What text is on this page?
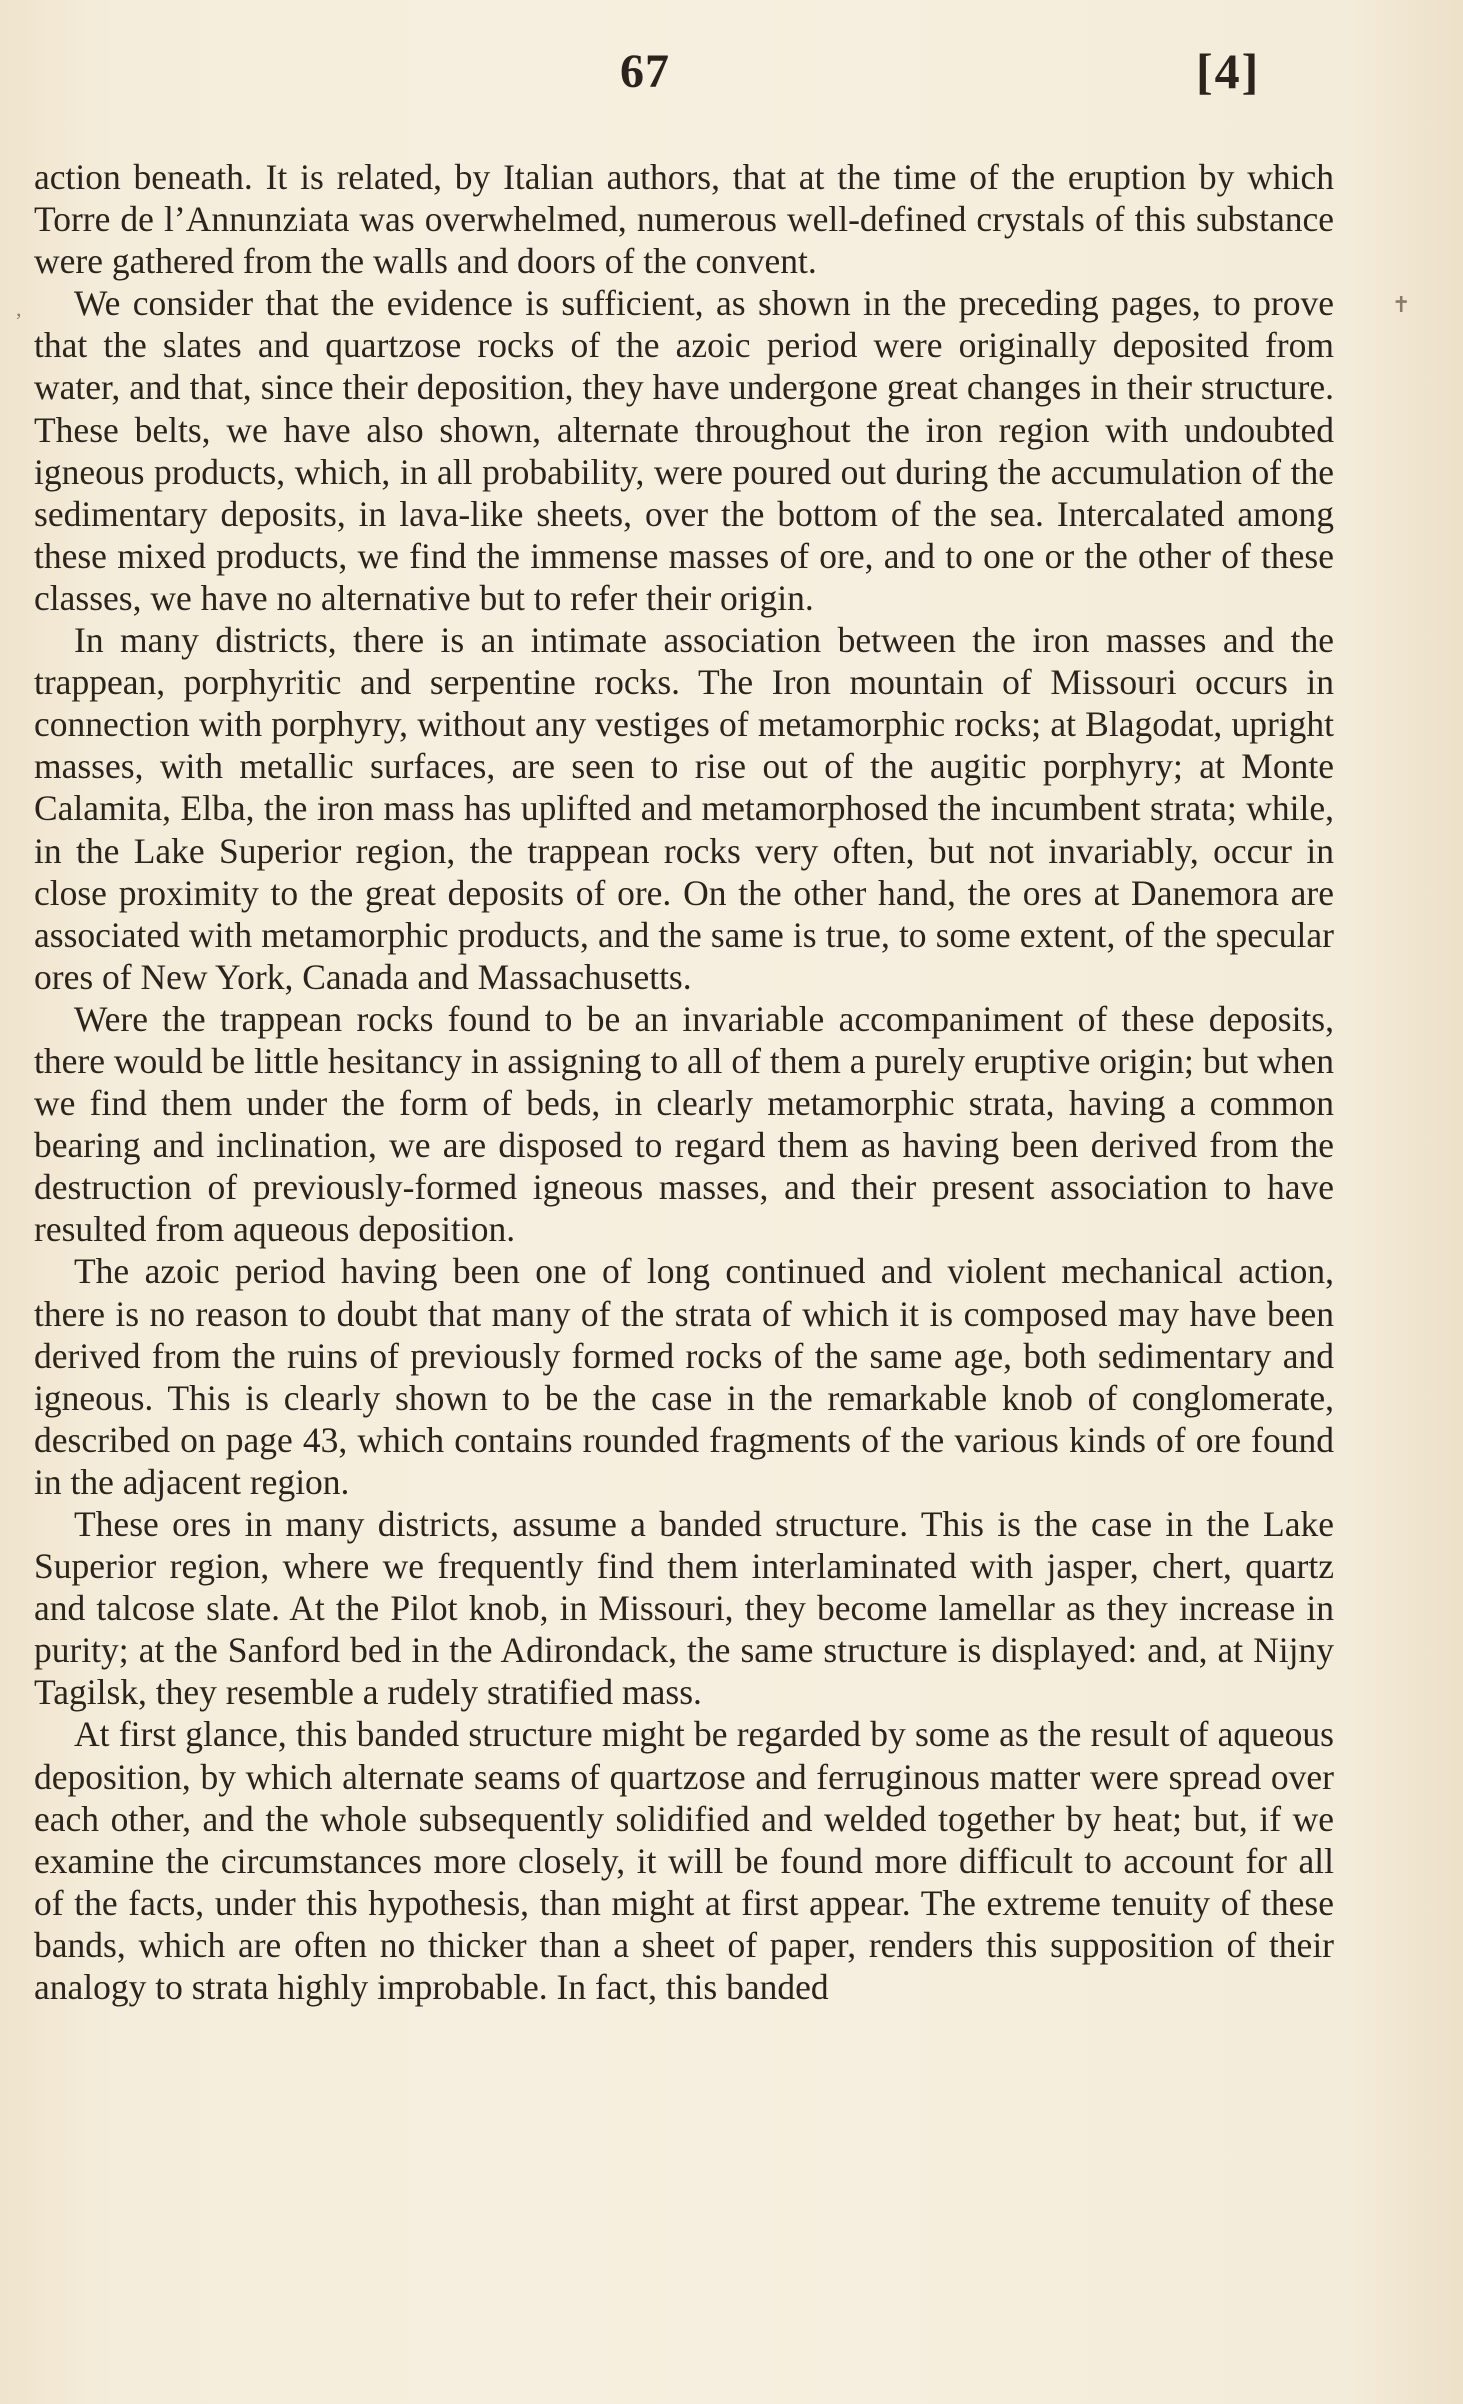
67	[4]
,	✝

action beneath. It is related, by Italian authors, that at the time of the eruption by which Torre de l’Annunziata was overwhelmed, numerous well-defined crystals of this substance were gathered from the walls and doors of the convent.

We consider that the evidence is sufficient, as shown in the preceding pages, to prove that the slates and quartzose rocks of the azoic period were originally deposited from water, and that, since their deposition, they have undergone great changes in their structure. These belts, we have also shown, alternate throughout the iron region with undoubted igneous products, which, in all probability, were poured out during the accumulation of the sedimentary deposits, in lava-like sheets, over the bottom of the sea. Intercalated among these mixed products, we find the immense masses of ore, and to one or the other of these classes, we have no alternative but to refer their origin.

In many districts, there is an intimate association between the iron masses and the trappean, porphyritic and serpentine rocks. The Iron mountain of Missouri occurs in connection with porphyry, without any vestiges of metamorphic rocks; at Blagodat, upright masses, with metallic surfaces, are seen to rise out of the augitic porphyry; at Monte Calamita, Elba, the iron mass has uplifted and metamorphosed the incumbent strata; while, in the Lake Superior region, the trappean rocks very often, but not invariably, occur in close proximity to the great deposits of ore. On the other hand, the ores at Danemora are associated with metamorphic products, and the same is true, to some extent, of the specular ores of New York, Canada and Massachusetts.

Were the trappean rocks found to be an invariable accompaniment of these deposits, there would be little hesitancy in assigning to all of them a purely eruptive origin; but when we find them under the form of beds, in clearly metamorphic strata, having a common bearing and inclination, we are disposed to regard them as having been derived from the destruction of previously-formed igneous masses, and their present association to have resulted from aqueous deposition.

The azoic period having been one of long continued and violent mechanical action, there is no reason to doubt that many of the strata of which it is composed may have been derived from the ruins of previously formed rocks of the same age, both sedimentary and igneous. This is clearly shown to be the case in the remarkable knob of conglomerate, described on page 43, which contains rounded fragments of the various kinds of ore found in the adjacent region.

These ores in many districts, assume a banded structure. This is the case in the Lake Superior region, where we frequently find them interlaminated with jasper, chert, quartz and talcose slate. At the Pilot knob, in Missouri, they become lamellar as they increase in purity; at the Sanford bed in the Adirondack, the same structure is displayed: and, at Nijny Tagilsk, they resemble a rudely stratified mass.

At first glance, this banded structure might be regarded by some as the result of aqueous deposition, by which alternate seams of quartzose and ferruginous matter were spread over each other, and the whole subsequently solidified and welded together by heat; but, if we examine the circumstances more closely, it will be found more difficult to account for all of the facts, under this hypothesis, than might at first appear. The extreme tenuity of these bands, which are often no thicker than a sheet of paper, renders this supposition of their analogy to strata highly improbable. In fact, this banded
